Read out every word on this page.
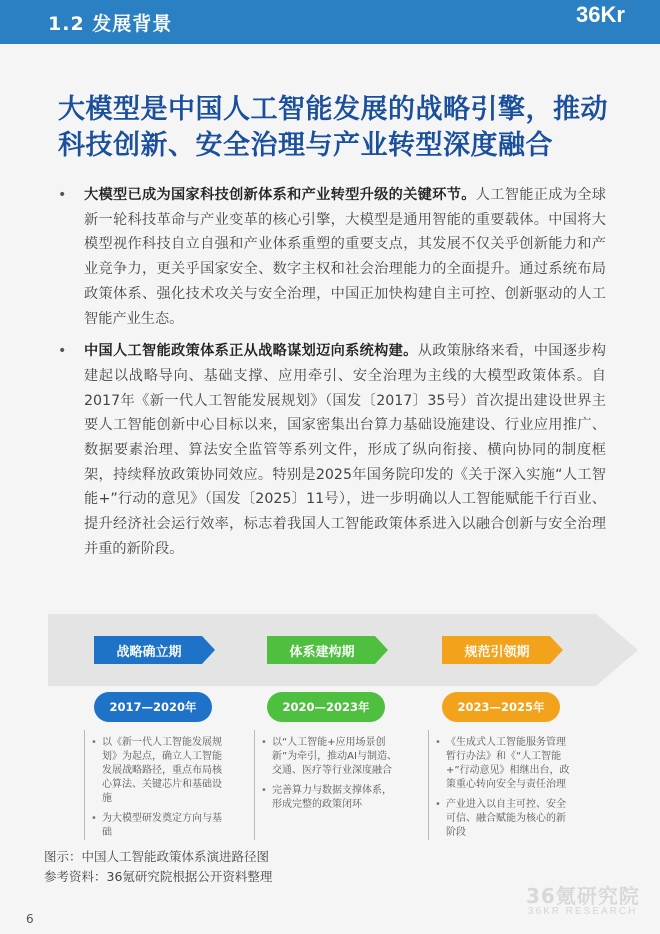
1.2 发展背景	36Kr
大模型是中国人工智能发展的战略引擎，推动科技创新、安全治理与产业转型深度融合
• 大模型已成为国家科技创新体系和产业转型升级的关键环节。人工智能正成为全球新一轮科技革命与产业变革的核心引擎，大模型是通用智能的重要载体。中国将大模型视作科技自立自强和产业体系重塑的重要支点，其发展不仅关乎创新能力和产业竞争力，更关乎国家安全、数字主权和社会治理能力的全面提升。通过系统布局政策体系、强化技术攻关与安全治理，中国正加快构建自主可控、创新驱动的人工智能产业生态。
• 中国人工智能政策体系正从战略谋划迈向系统构建。从政策脉络来看，中国逐步构建起以战略导向、基础支撑、应用牵引、安全治理为主线的大模型政策体系。自2017年《新一代人工智能发展规划》（国发〔2017〕35号）首次提出建设世界主要人工智能创新中心目标以来，国家密集出台算力基础设施建设、行业应用推广、数据要素治理、算法安全监管等系列文件，形成了纵向衔接、横向协同的制度框架，持续释放政策协同效应。特别是2025年国务院印发的《关于深入实施“人工智能+”行动的意见》（国发〔2025〕11号），进一步明确以人工智能赋能千行百业、提升经济社会运行效率，标志着我国人工智能政策体系进入以融合创新与安全治理并重的新阶段。
战略确立期	体系建构期	规范引领期
2017—2020年	2020—2023年	2023—2025年
• 以《新一代人工智能发展规划》为起点，确立人工智能发展战略路径，重点布局核心算法、关键芯片和基础设施
• 为大模型研发奠定方向与基础
• 以“人工智能+应用场景创新”为牵引，推动AI与制造、交通、医疗等行业深度融合
• 完善算力与数据支撑体系，形成完整的政策闭环
• 《生成式人工智能服务管理暂行办法》和《“人工智能+”行动意见》相继出台，政策重心转向安全与责任治理
• 产业进入以自主可控、安全可信、融合赋能为核心的新阶段
图示：中国人工智能政策体系演进路径图
参考资料：36氪研究院根据公开资料整理
36氪研究院
36KR RESEARCH
6
